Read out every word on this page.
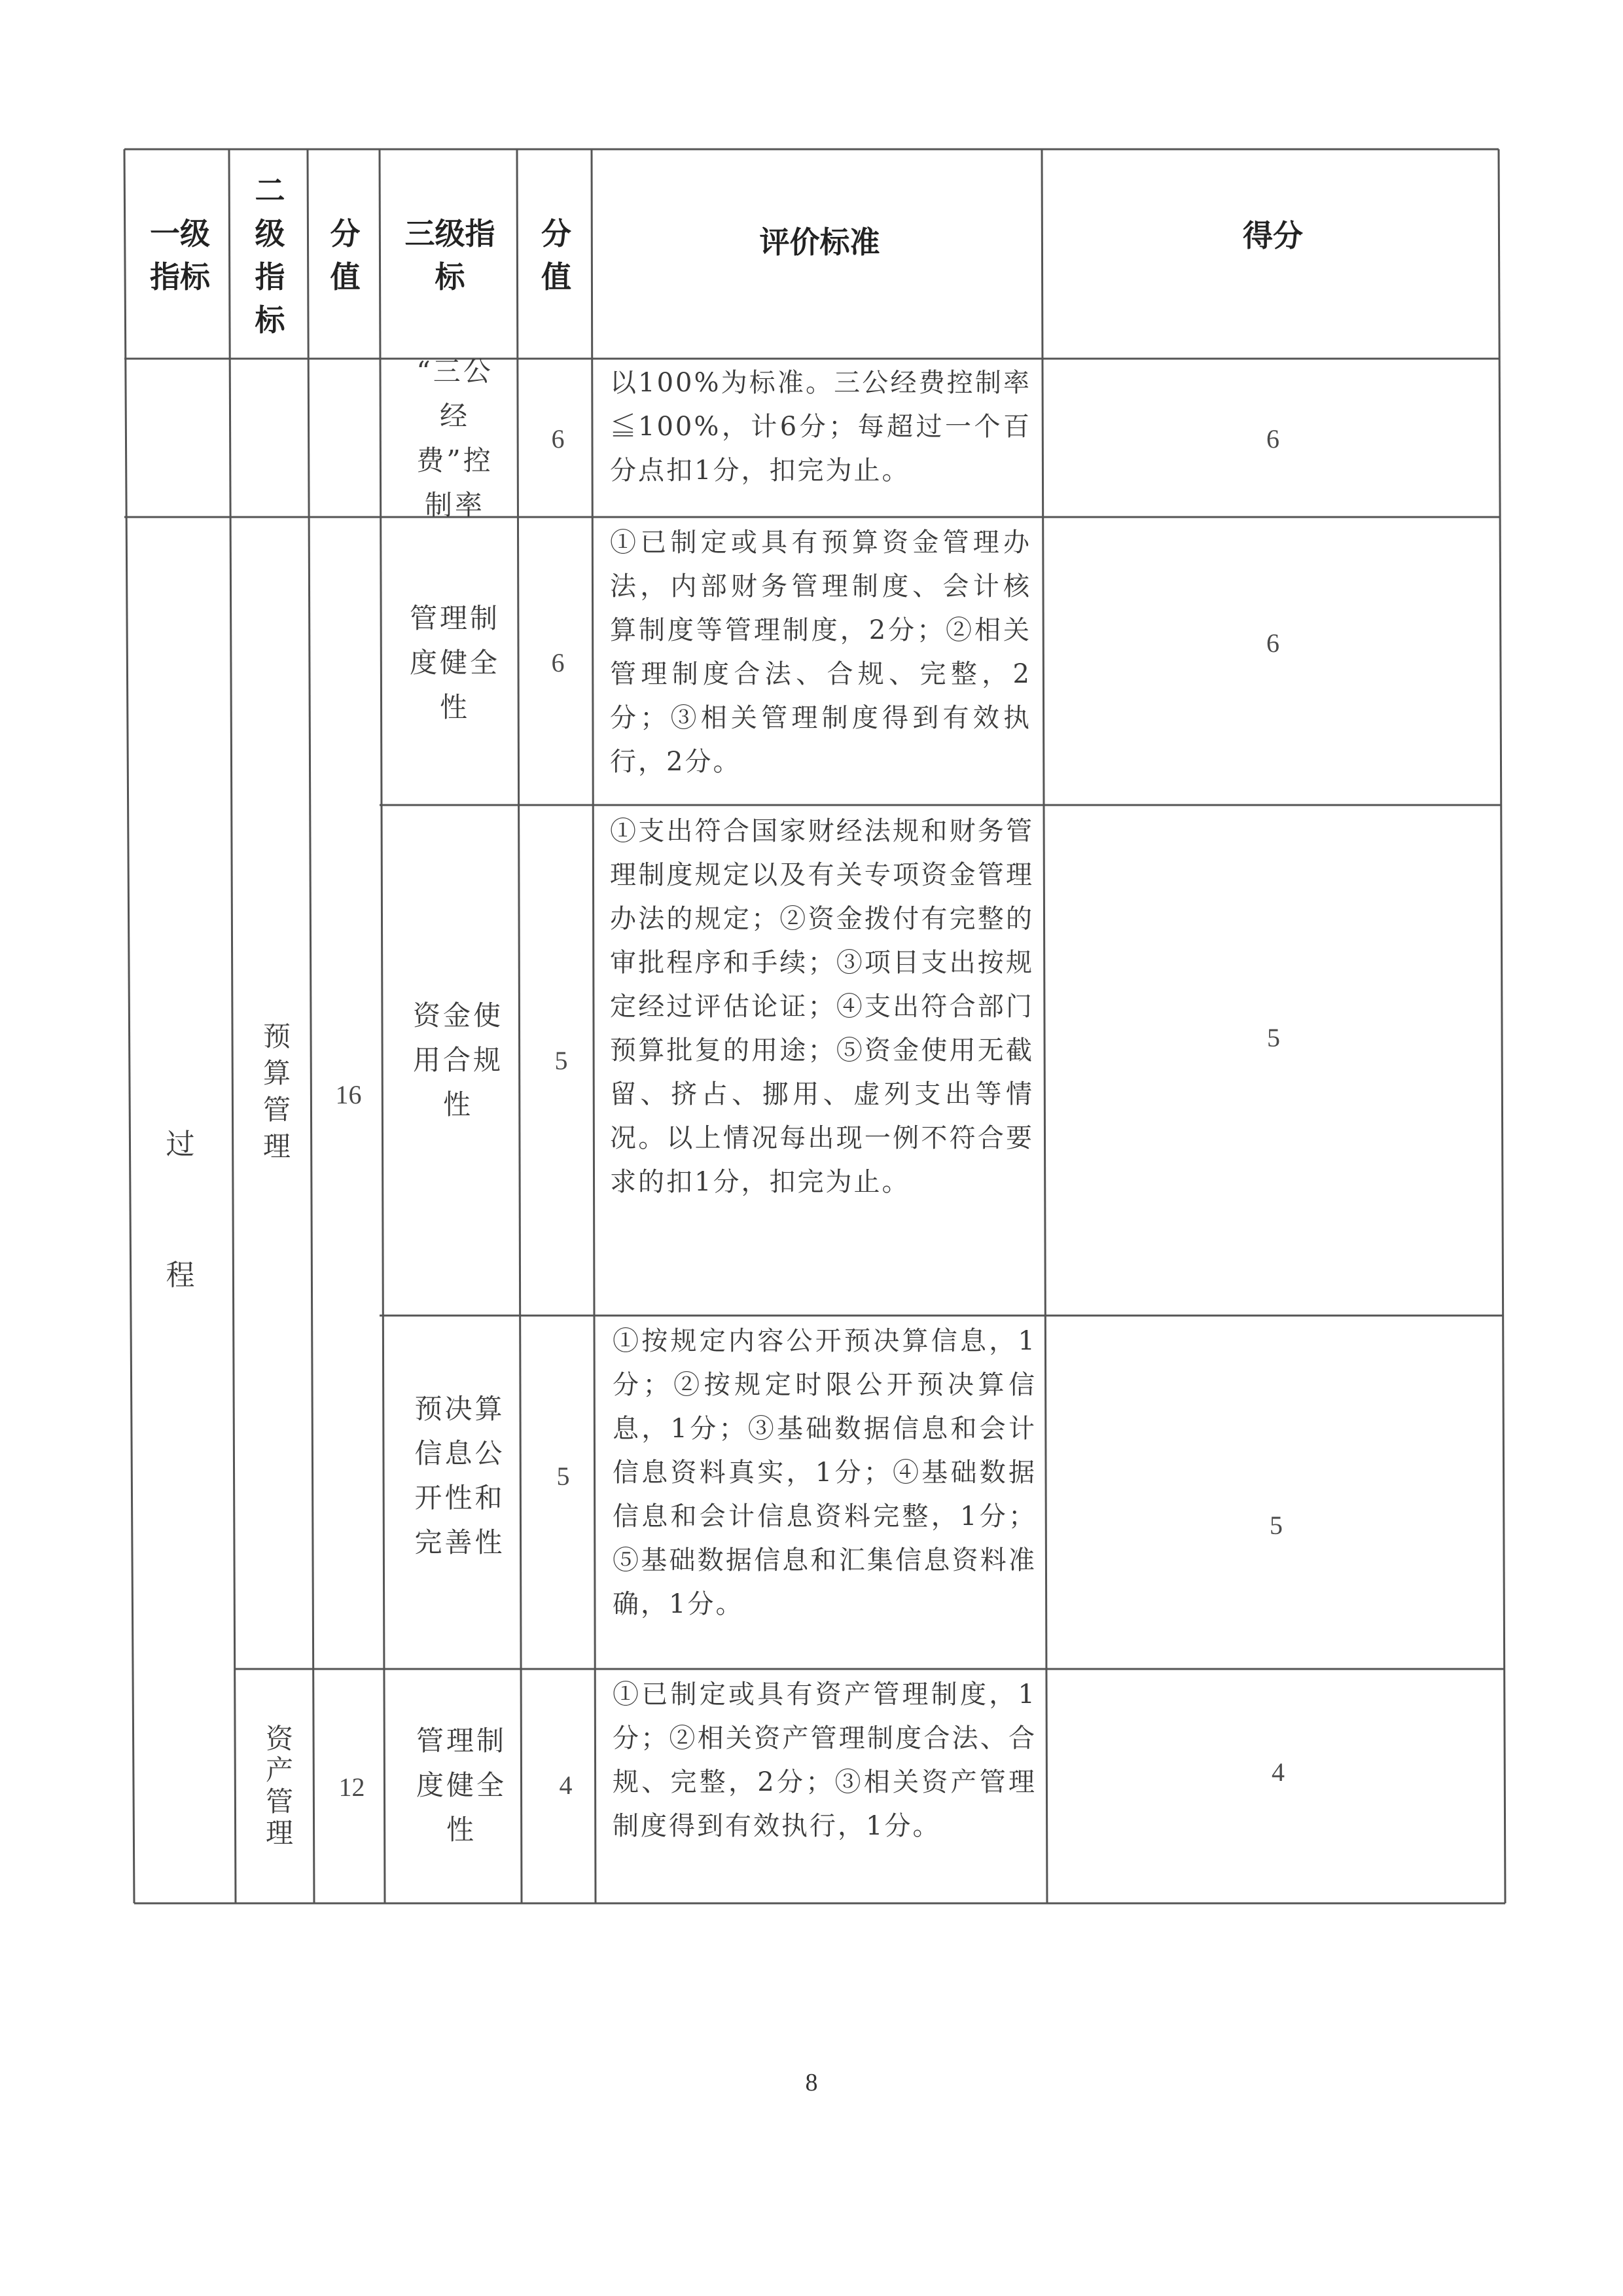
一级指标
二级指标
分值
三级指标
分值
评价标准	得分
“三公经费”控制率
6
以100%为标准。三公经费控制率≦100%，计6分；每超过一个百分点扣1分，扣完为止。
6
过
程
预算管理 16
管理制度健全性
6
①已制定或具有预算资金管理办法，内部财务管理制度、会计核算制度等管理制度，2分；②相关管理制度合法、合规、完整，2分；③相关管理制度得到有效执行，2分。
6
资金使用合规性
5
①支出符合国家财经法规和财务管理制度规定以及有关专项资金管理办法的规定；②资金拨付有完整的审批程序和手续；③项目支出按规定经过评估论证；④支出符合部门预算批复的用途；⑤资金使用无截留、挤占、挪用、虚列支出等情况。以上情况每出现一例不符合要求的扣1分，扣完为止。
5
预决算信息公开性和完善性
5
①按规定内容公开预决算信息，1分；②按规定时限公开预决算信息，1分；③基础数据信息和会计信息资料真实，1分；④基础数据信息和会计信息资料完整，1分；⑤基础数据信息和汇集信息资料准确，1分。
5
资产管理 12
管理制度健全性
4
①已制定或具有资产管理制度，1分；②相关资产管理制度合法、合规、完整，2分；③相关资产管理制度得到有效执行，1分。
4
8
